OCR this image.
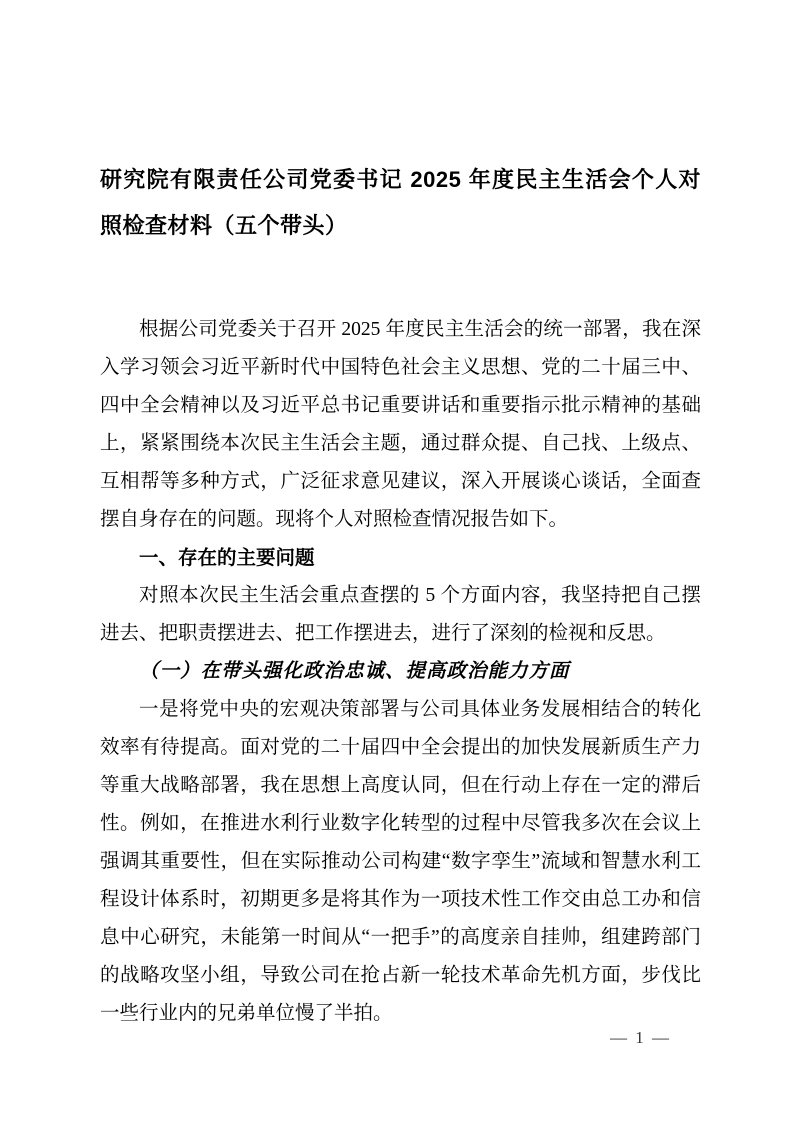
研究院有限责任公司党委书记 2025 年度民主生活会个人对照检查材料（五个带头）

根据公司党委关于召开 2025 年度民主生活会的统一部署，我在深入学习领会习近平新时代中国特色社会主义思想、党的二十届三中、四中全会精神以及习近平总书记重要讲话和重要指示批示精神的基础上，紧紧围绕本次民主生活会主题，通过群众提、自己找、上级点、互相帮等多种方式，广泛征求意见建议，深入开展谈心谈话，全面查摆自身存在的问题。现将个人对照检查情况报告如下。

一、存在的主要问题

对照本次民主生活会重点查摆的 5 个方面内容，我坚持把自己摆进去、把职责摆进去、把工作摆进去，进行了深刻的检视和反思。

（一）在带头强化政治忠诚、提高政治能力方面

一是将党中央的宏观决策部署与公司具体业务发展相结合的转化效率有待提高。面对党的二十届四中全会提出的加快发展新质生产力等重大战略部署，我在思想上高度认同，但在行动上存在一定的滞后性。例如，在推进水利行业数字化转型的过程中尽管我多次在会议上强调其重要性，但在实际推动公司构建“数字孪生”流域和智慧水利工程设计体系时，初期更多是将其作为一项技术性工作交由总工办和信息中心研究，未能第一时间从“一把手”的高度亲自挂帅，组建跨部门的战略攻坚小组，导致公司在抢占新一轮技术革命先机方面，步伐比一些行业内的兄弟单位慢了半拍。

— 1 —
